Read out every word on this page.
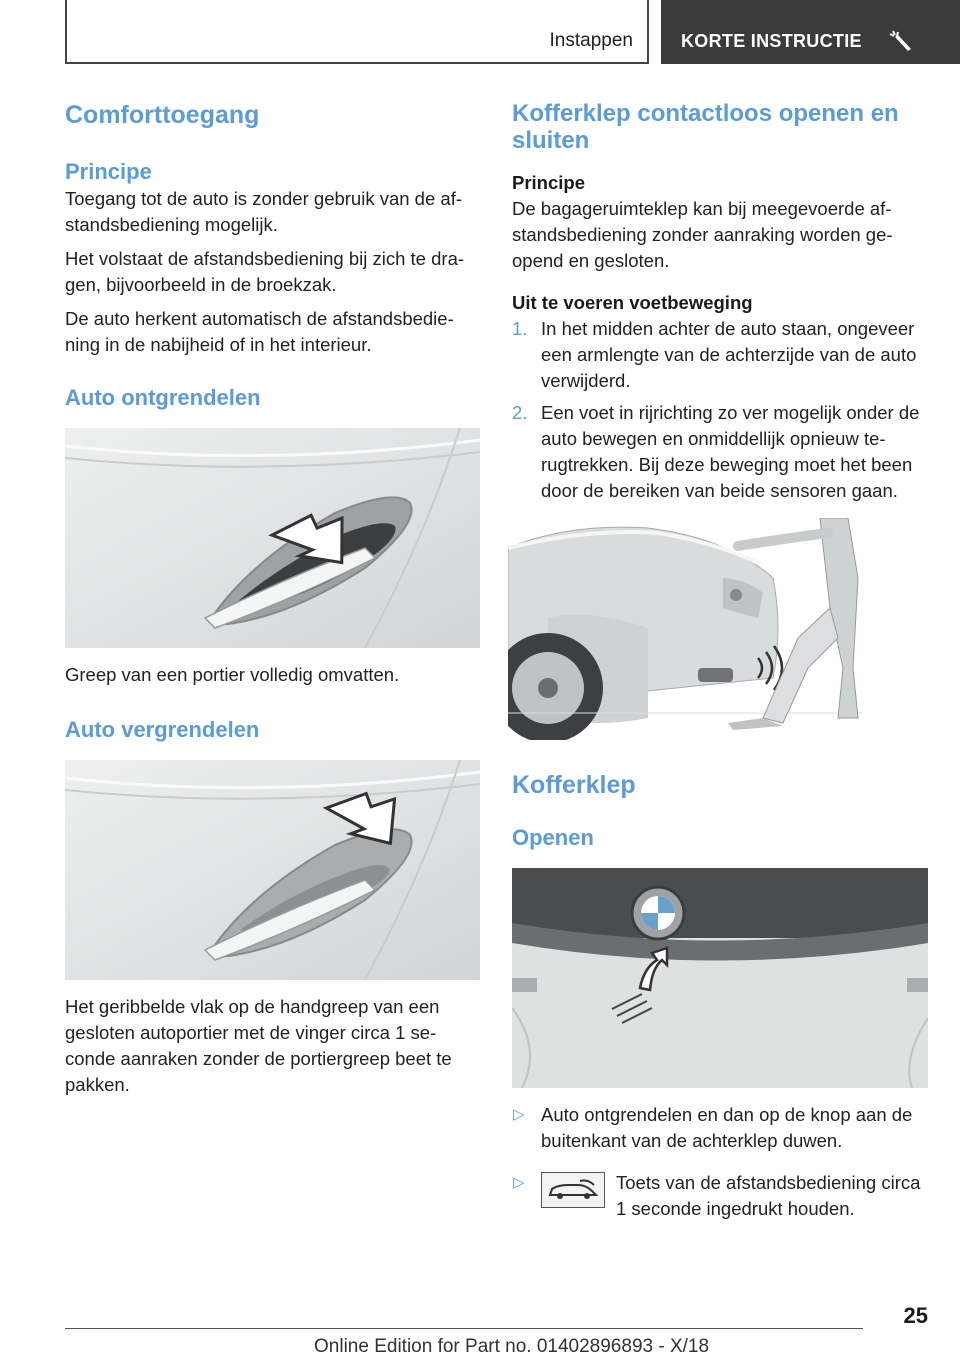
Instappen	KORTE INSTRUCTIE
Comforttoegang
Principe

Toegang tot de auto is zonder gebruik van de af-standsbediening mogelijk.

Het volstaat de afstandsbediening bij zich te dra-gen, bijvoorbeeld in de broekzak.

De auto herkent automatisch de afstandsbedie-ning in de nabijheid of in het interieur.

Auto ontgrendelen

Greep van een portier volledig omvatten.

Auto vergrendelen

Het geribbelde vlak op de handgreep van een gesloten autoportier met de vinger circa 1 se-conde aanraken zonder de portiergreep beet te pakken.

Kofferklep contactloos openen en sluiten
Principe

De bagageruimteklep kan bij meegevoerde af-standsbediening zonder aanraking worden ge-opend en gesloten.

Uit te voeren voetbeweging
1. In het midden achter de auto staan, ongeveer een armlengte van de achterzijde van de auto verwijderd.
2. Een voet in rijrichting zo ver mogelijk onder de auto bewegen en onmiddellijk opnieuw te-rugtrekken. Bij deze beweging moet het been door de bereiken van beide sensoren gaan.
Kofferklep
Openen
▷ Auto ontgrendelen en dan op de knop aan de buitenkant van de achterklep duwen.
▷	Toets van de afstandsbediening circa 1 seconde ingedrukt houden.
25
Online Edition for Part no. 01402896893 - X/18
